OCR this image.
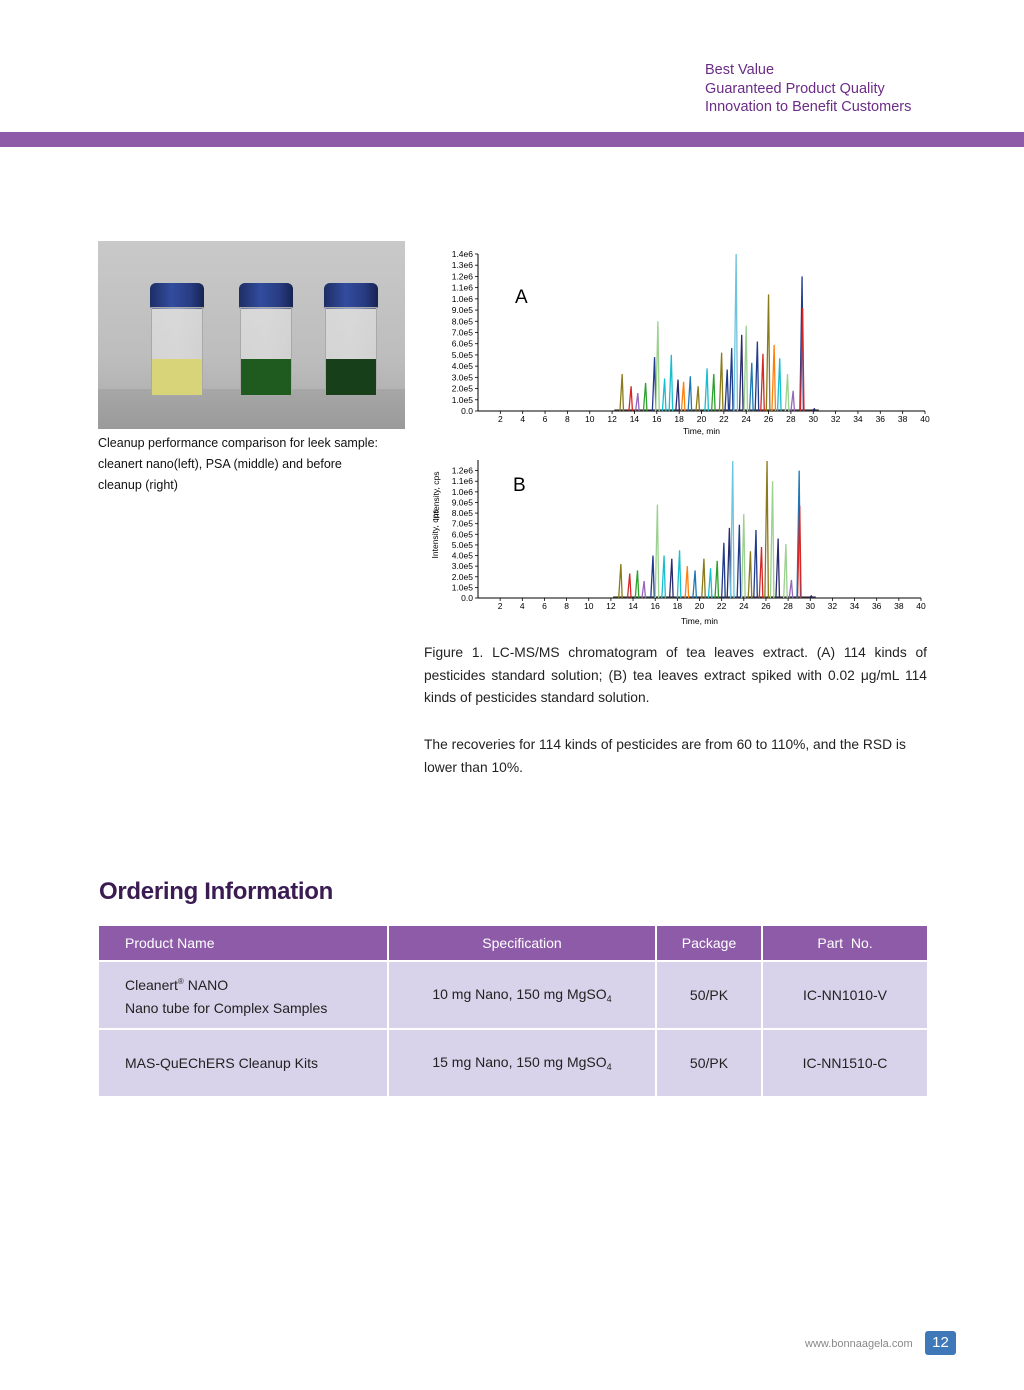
Best Value
Guaranteed Product Quality
Innovation to Benefit Customers
Cleanup performance comparison for leek sample:
cleanert nano(left), PSA (middle) and before
cleanup (right)
0.0
1.0e5
2.0e5
3.0e5
4.0e5
5.0e5
6.0e5
7.0e5
8.0e5
9.0e5
1.0e6
1.1e6
1.2e6
1.3e6
1.4e6
2 4 6 8 10 12 14 16 18 20 22 24 26 28 30 32 34 36 38 40
Time, min
Intensity, cps
A
0.0
1.0e5
2.0e5
3.0e5
4.0e5
5.0e5
6.0e5
7.0e5
8.0e5
9.0e5
1.0e6
1.1e6
1.2e6
2 4 6 8 10 12 14 16 18 20 22 24 26 28 30 32 34 36 38 40
Time, min
Intensity, cps
B
Figure 1. LC-MS/MS chromatogram of tea leaves extract. (A) 114 kinds of pesticides standard solution; (B) tea leaves extract spiked with 0.02 μg/mL 114 kinds of pesticides standard solution.
The recoveries for 114 kinds of pesticides are from 60 to 110%, and the RSD is lower than 10%.
Ordering Information
Product Name	Specification	Package	Part  No.

Cleanert® NANO
Nano tube for Complex Samples	10 mg Nano, 150 mg MgSO$_4$	50/PK	IC-NN1010-V
MAS-QuEChERS Cleanup Kits	15 mg Nano, 150 mg MgSO$_4$	50/PK	IC-NN1510-C
www.bonnaagela.com	12
